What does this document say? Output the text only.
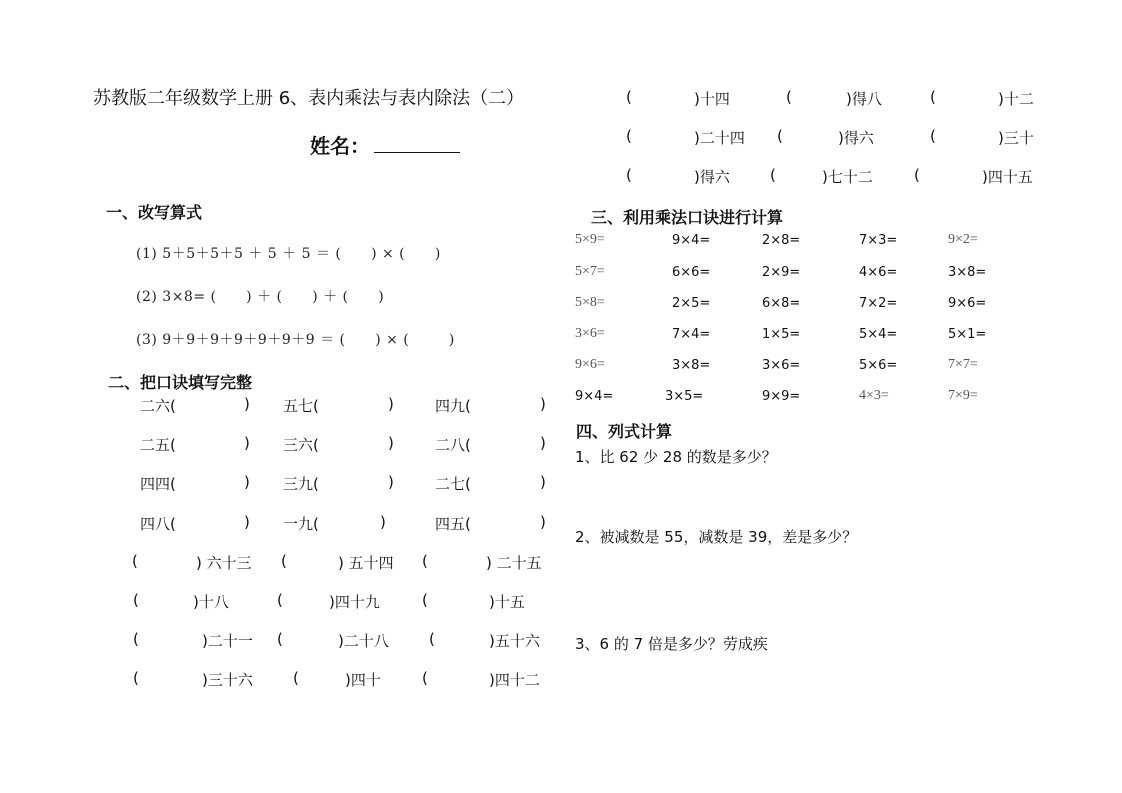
苏教版二年级数学上册 6、表内乘法与表内除法（二）
姓名：
一、改写算式
(1) 5＋5＋5＋5 ＋ 5 ＋ 5 ＝ (      ) × (      )
(2) 3×8= (      ) ＋ (      ) ＋ (      )
(3) 9＋9＋9＋9＋9＋9＋9 ＝ (      ) × (        )
二、把口诀填写完整
二六(	) 五七(	)	四九(	)
二五(	) 三六(	)	二八(	)
四四(	) 三九(	)	二七(	)
四八(	) 一九(	)	四五(	)
(	) 六十三 (	) 五十四 (	) 二十五
(	)十八	(	)四十九	(	)十五
(	)二十一 (	)二十八	(	)五十六
(	)三十六	(	)四十	(	)四十二
(	)十四	(	)得八	(	)十二
(	)二十四 (	)得六	(	)三十
(	)得六	(	)七十二	(	)四十五
三、利用乘法口诀进行计算
5×9=	9×4=	2×8=	7×3=	9×2=
5×7=	6×6=	2×9=	4×6=	3×8=
5×8=	2×5=	6×8=	7×2=	9×6=
3×6=	7×4=	1×5=	5×4=	5×1=
9×6=	3×8=	3×6=	5×6=	7×7=
9×4=	3×5=	9×9=	4×3=	7×9=
四、列式计算
1、比 62 少 28 的数是多少？
2、被减数是 55，减数是 39，差是多少？
3、6 的 7 倍是多少？劳成疾
